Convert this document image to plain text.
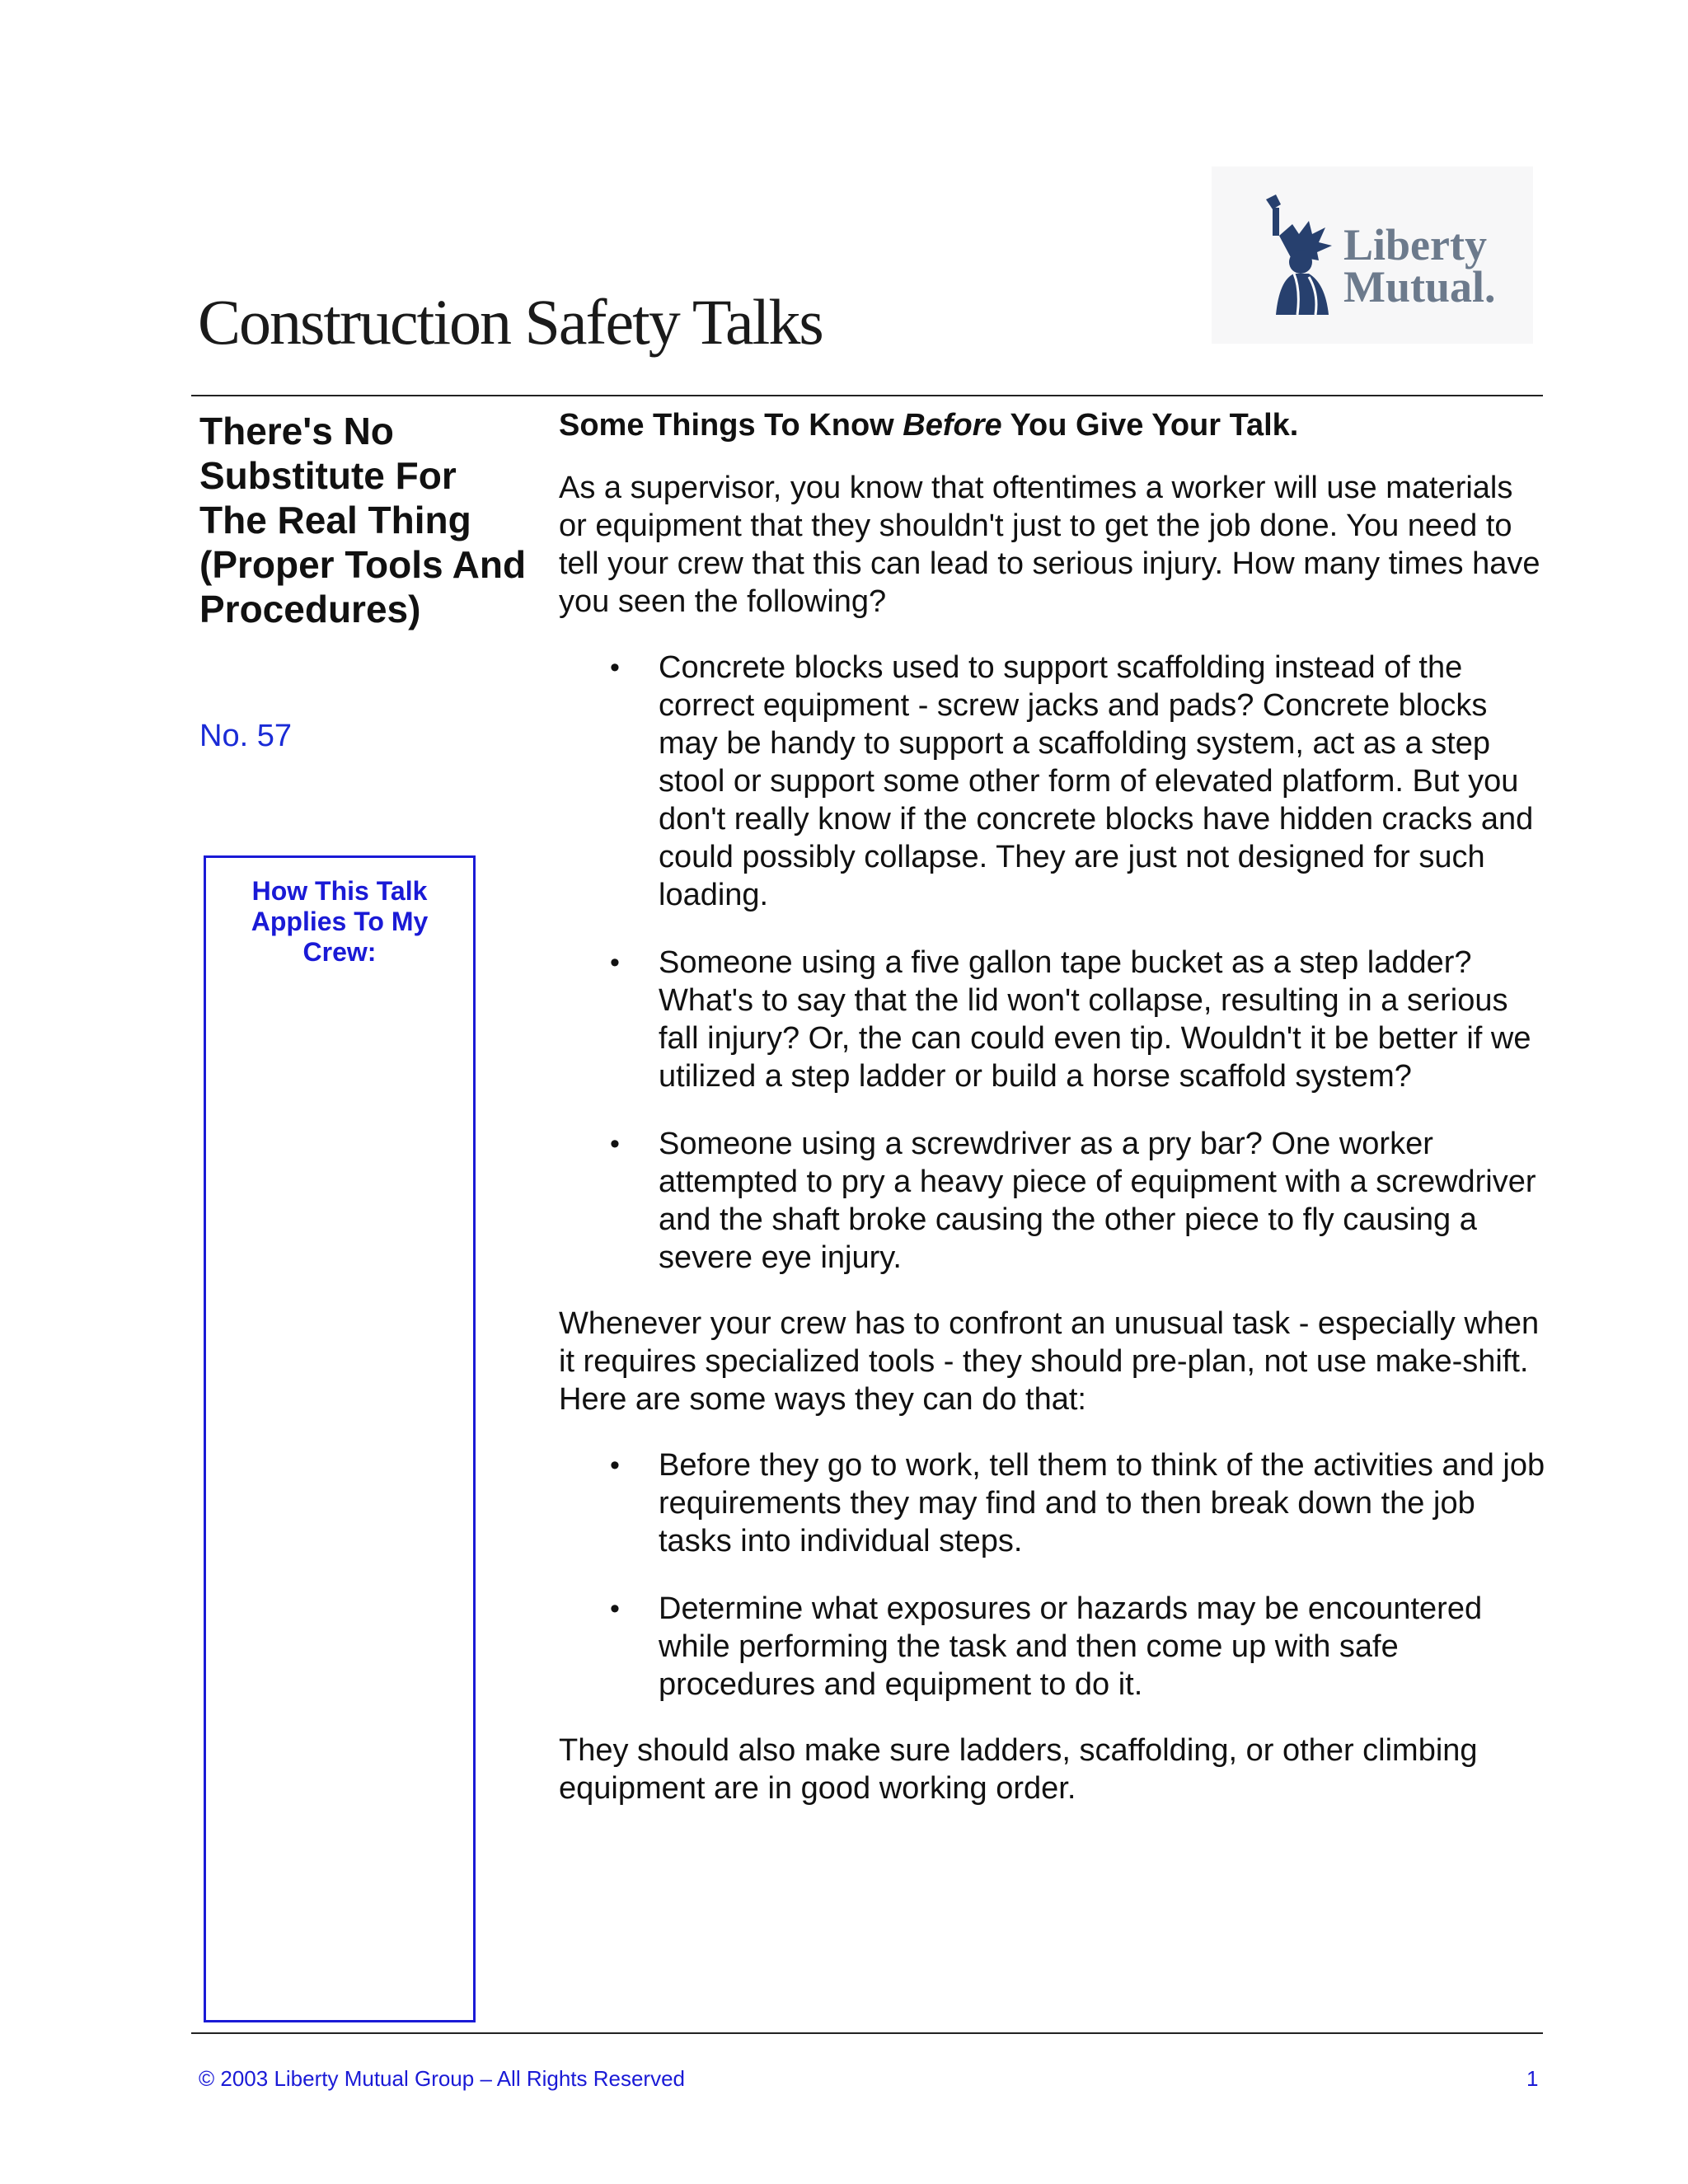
Construction Safety Talks
Liberty
Mutual.
There's No Substitute For The Real Thing (Proper Tools And Procedures)
No. 57
How This Talk Applies To My Crew:
Some Things To Know Before You Give Your Talk.

As a supervisor, you know that oftentimes a worker will use materials or equipment that they shouldn't just to get the job done. You need to tell your crew that this can lead to serious injury. How many times have you seen the following?

• Concrete blocks used to support scaffolding instead of the correct equipment - screw jacks and pads? Concrete blocks may be handy to support a scaffolding system, act as a step stool or support some other form of elevated platform. But you don't really know if the concrete blocks have hidden cracks and could possibly collapse. They are just not designed for such loading.
• Someone using a five gallon tape bucket as a step ladder? What's to say that the lid won't collapse, resulting in a serious fall injury? Or, the can could even tip. Wouldn't it be better if we utilized a step ladder or build a horse scaffold system?
• Someone using a screwdriver as a pry bar? One worker attempted to pry a heavy piece of equipment with a screwdriver and the shaft broke causing the other piece to fly causing a severe eye injury.

Whenever your crew has to confront an unusual task - especially when it requires specialized tools - they should pre-plan, not use make-shift. Here are some ways they can do that:

• Before they go to work, tell them to think of the activities and job requirements they may find and to then break down the job tasks into individual steps.
• Determine what exposures or hazards may be encountered while performing the task and then come up with safe procedures and equipment to do it.

They should also make sure ladders, scaffolding, or other climbing equipment are in good working order.

© 2003 Liberty Mutual Group – All Rights Reserved	1
